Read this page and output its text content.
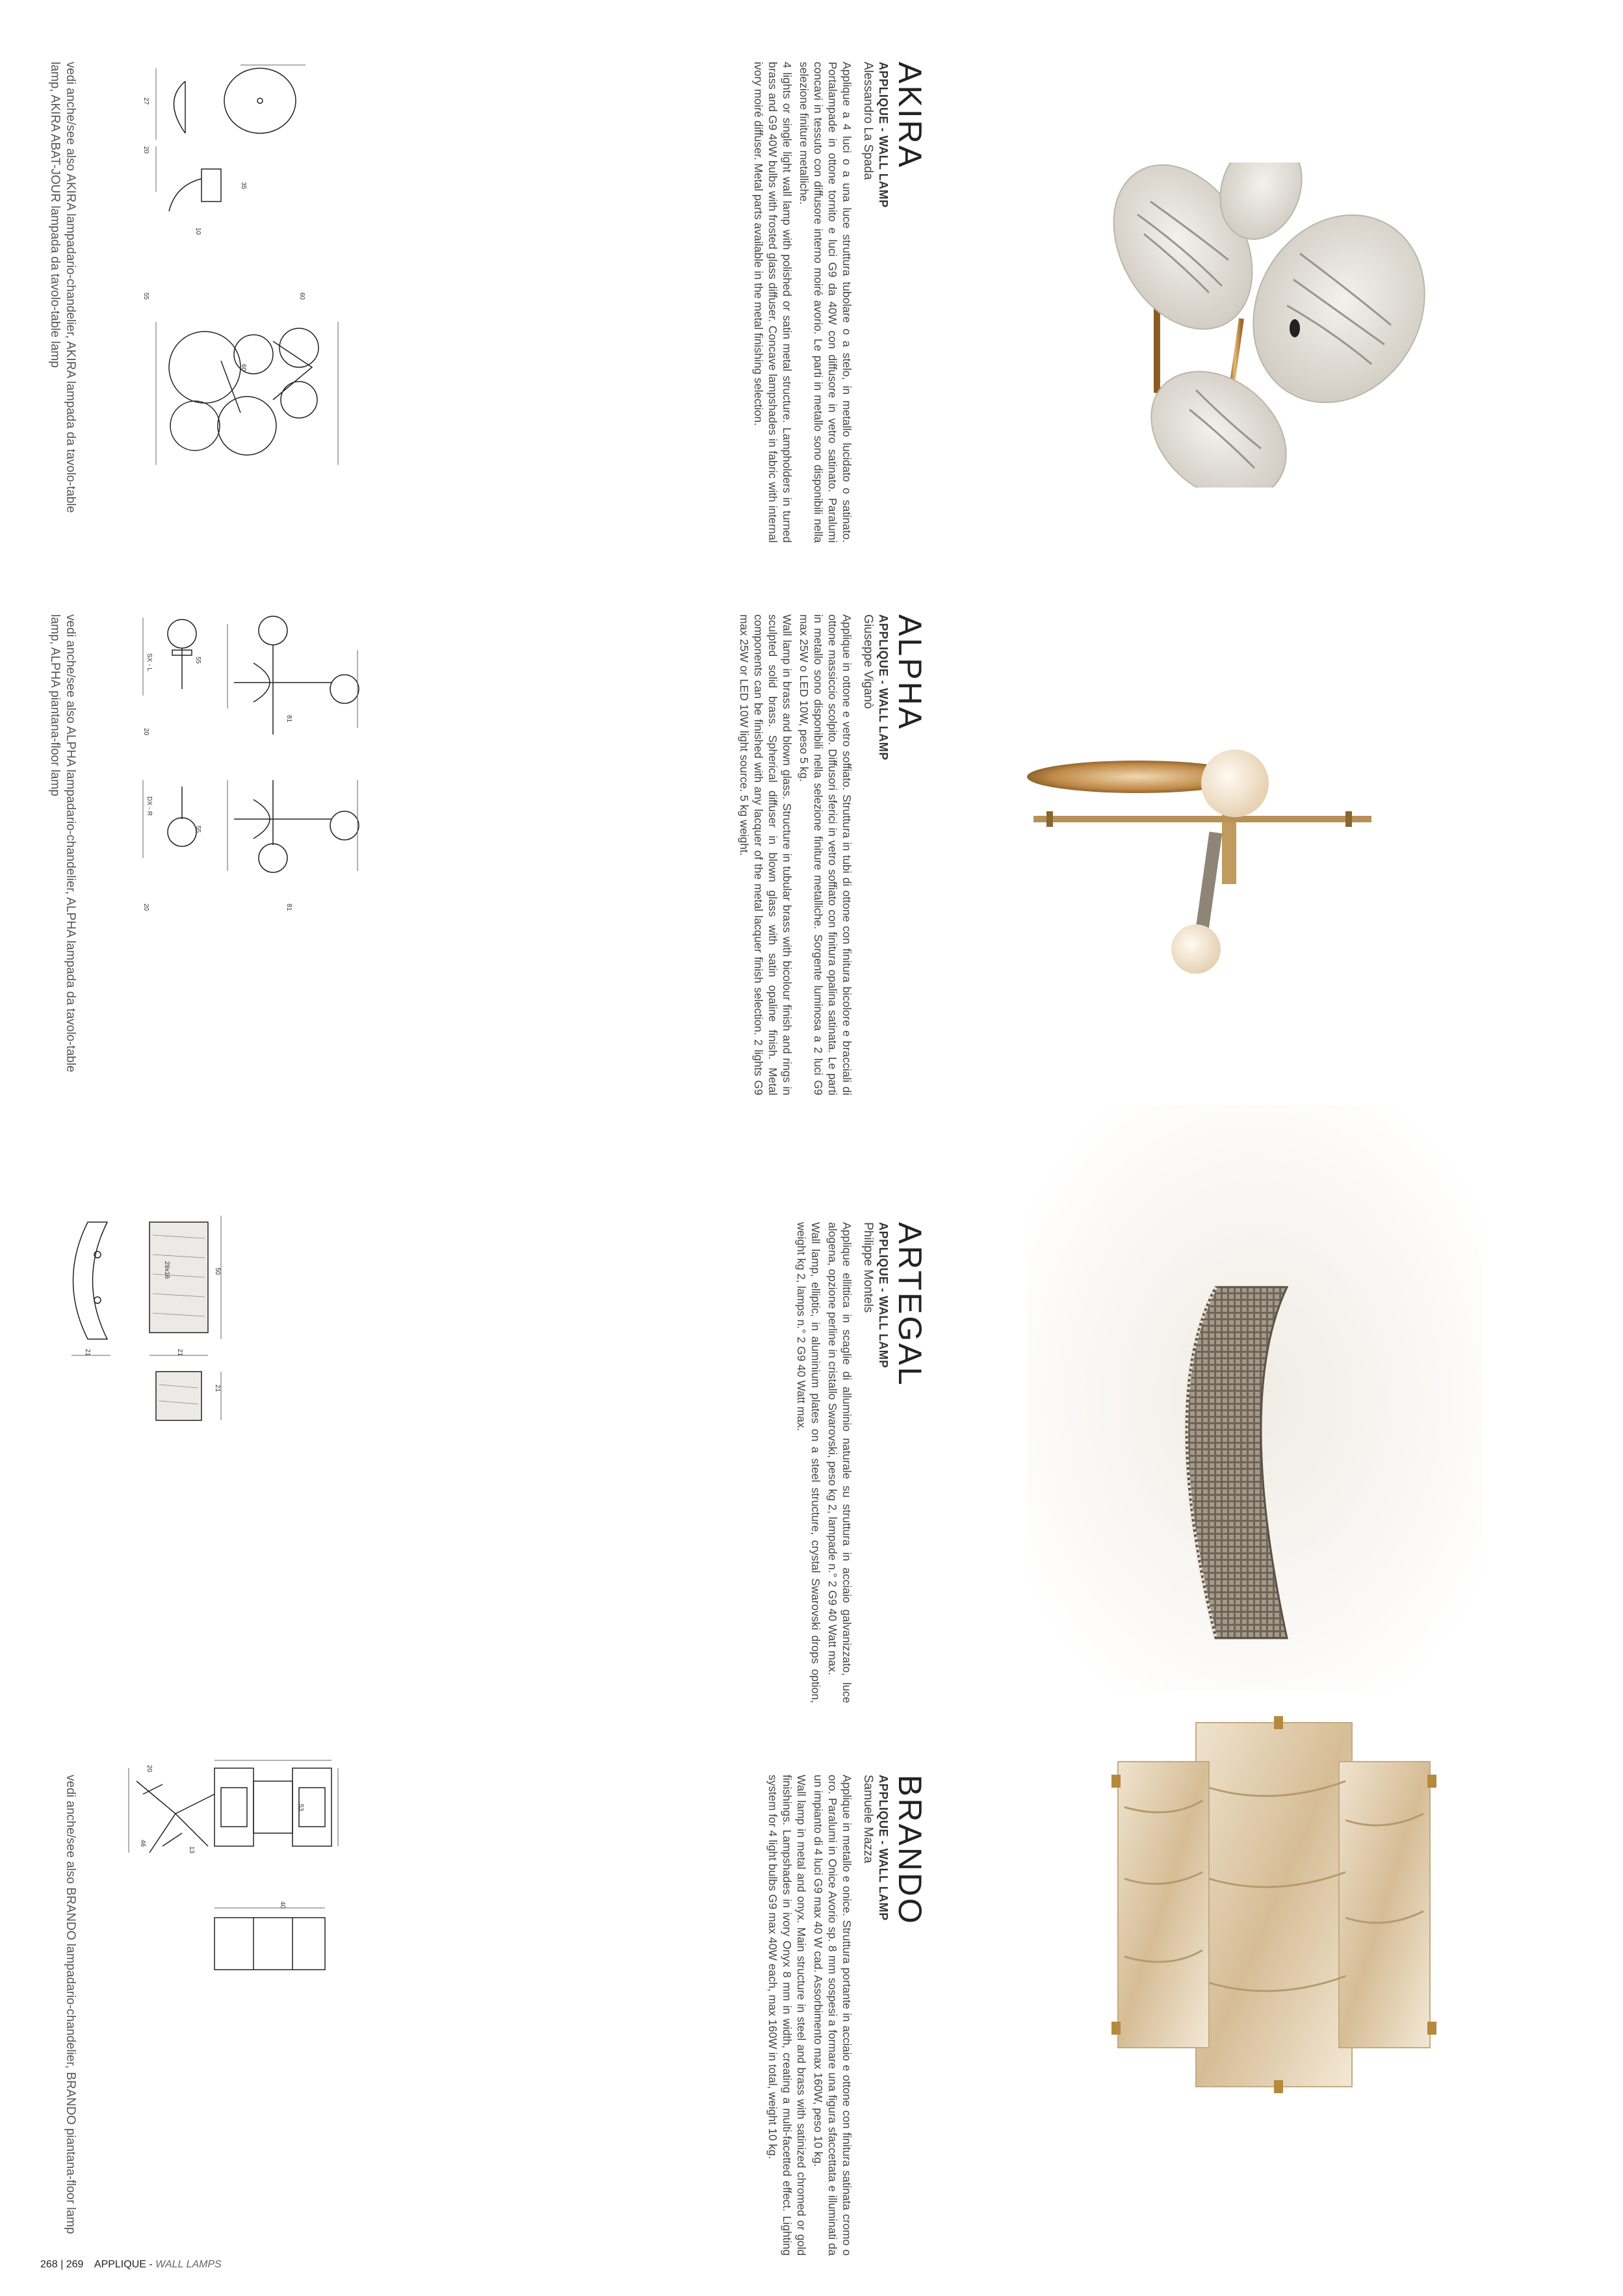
AKIRA
APPLIQUE - WALL LAMP
Alessandro La Spada
Applique a 4 luci o a una luce struttura tubolare o a stelo, in metallo lucidato o satinato. Portalampade in ottone tornito e luci G9 da 40W con diffusore in vetro satinato. Paralumi concavi in tessuto con diffusore interno moiré avorio. Le parti in metallo sono disponibili nella selezione finiture metalliche.
4 lights or single light wall lamp with polished or satin metal structure. Lampholders in turned brass and G9 40W bulbs with frosted glass diffuser. Concave lampshades in fabric with internal ivory moiré diffuser. Metal parts available in the metal finishing selection.
vedi anche/see also AKIRA lampadario-chandelier, AKIRA lampada da tavolo-table lamp, AKIRA ABAT-JOUR lampada da tavolo-table lamp
ALPHA
APPLIQUE - WALL LAMP
Giuseppe Viganò
Applique in ottone e vetro soffiato. Struttura in tubi di ottone con finitura bicolore e bracciali di ottone massiccio scolpito. Diffusori sferici in vetro soffiato con finitura opalina satinata. Le parti in metallo sono disponibili nella selezione finiture metalliche. Sorgente luminosa a 2 luci G9 max 25W o LED 10W, peso 5 kg.
Wall lamp in brass and blown glass. Structure in tubular brass with bicolour finish and rings in sculpted solid brass. Spherical diffuser in blown glass with satin opaline finish. Metal components can be finished with any lacquer of the metal lacquer finish selection. 2 lights G9 max 25W or LED 10W light source. 5 kg weight.
vedi anche/see also ALPHA lampadario-chandelier, ALPHA lampada da tavolo-table lamp, ALPHA piantana-floor lamp
ARTEGAL
APPLIQUE - WALL LAMP
Philippe Montels
Applique ellittica in scaglie di alluminio naturale su struttura in acciaio galvanizzato, luce alogena, opzione perline in cristallo Swarovski, peso kg 2, lampade n.° 2 G9 40 Watt max.
Wall lamp, elliptic, in aluminium plates on a steel structure, crystal Swarovski drops option, weight kg 2, lamps n.° 2 G9 40 Watt max.
BRANDO
APPLIQUE - WALL LAMP
Samuele Mazza
Applique in metallo e onice. Struttura portante in acciaio e ottone con finitura satinata cromo o oro. Paralumi in Onice Avorio sp. 8 mm sospesi a formare una figura sfaccettata e illuminati da un impianto di 4 luci G9 max 40 W cad. Assorbimento max 160W, peso 10 kg.
Wall lamp in metal and onyx. Main structure in steel and brass with satinized chromed or gold finishings. Lampshades in ivory Onyx 8 mm in width, creating a multi-facetted effect. Lighting system for 4 light bulbs G9 max 40W each, max 160W in total, weight 10 kg.
vedi anche/see also BRANDO lampadario-chandelier, BRANDO piantana-floor lamp
27
35
20
10
55	60
60
SX - L
DX - R
55
55
81
81
20
20
50
29x16
21
21
21
53
20
13
46
40
268 | 269 APPLIQUE - WALL LAMPS
